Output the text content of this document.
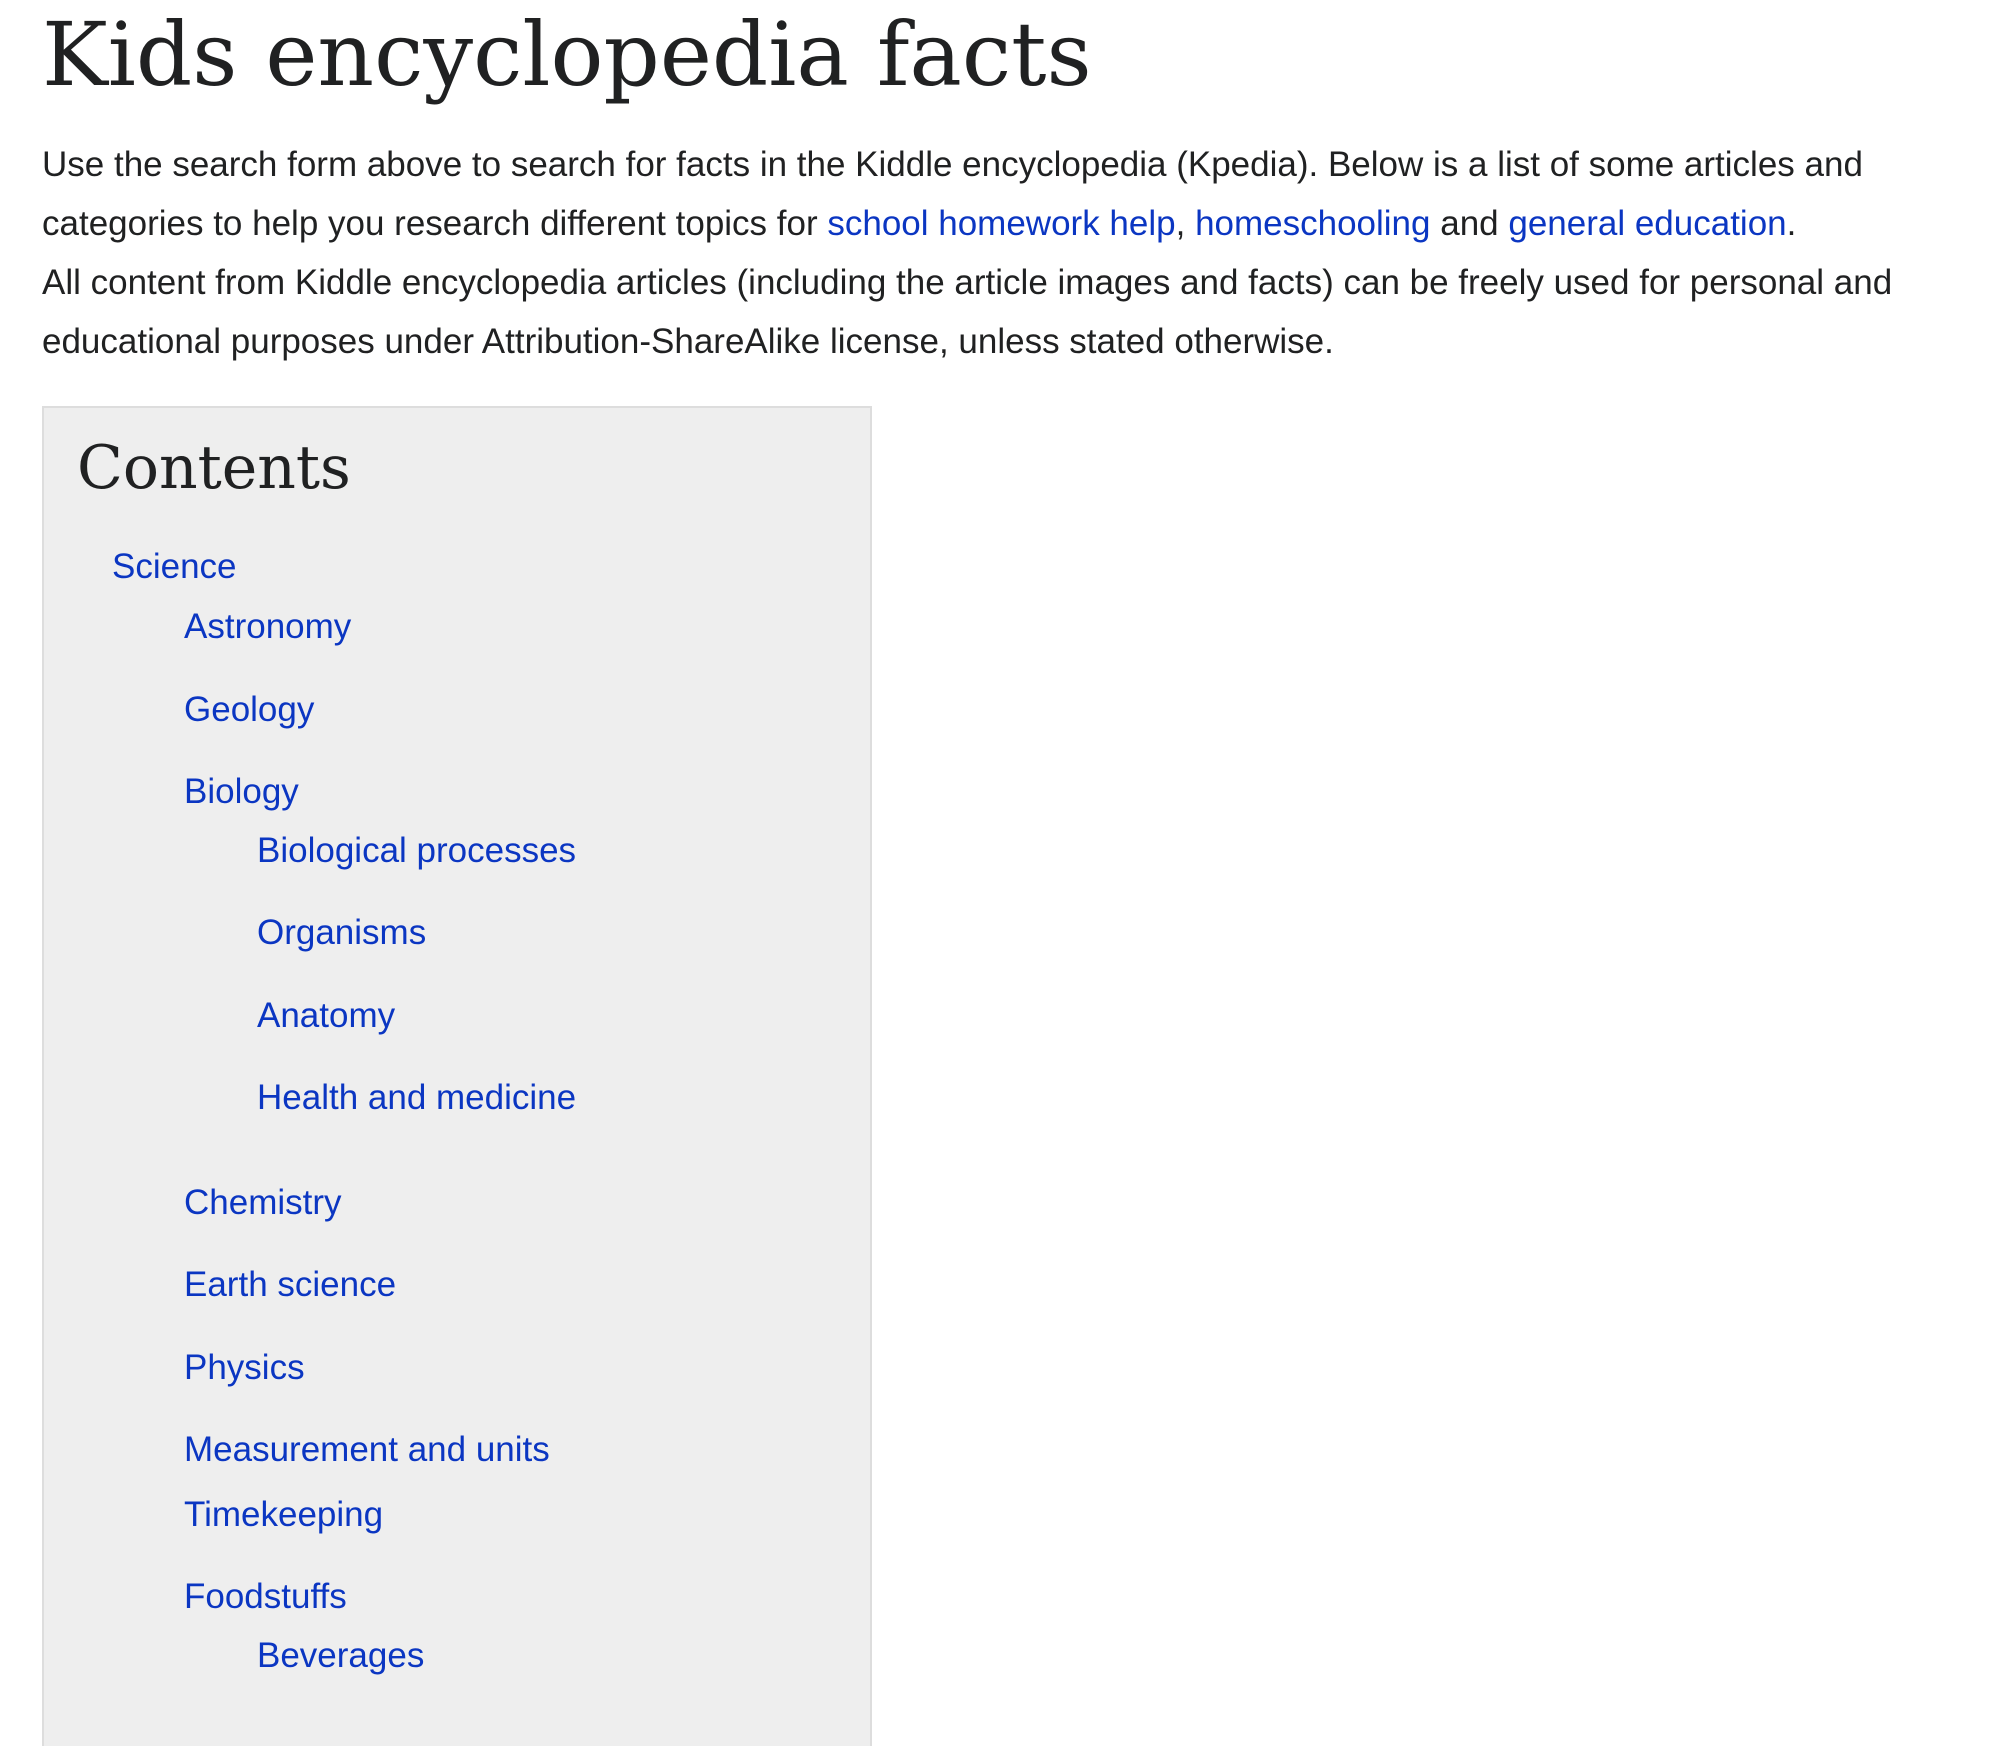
Kids encyclopedia facts

Use the search form above to search for facts in the Kiddle encyclopedia (Kpedia). Below is a list of some articles and categories to help you research different topics for school homework help, homeschooling and general education.

All content from Kiddle encyclopedia articles (including the article images and facts) can be freely used for personal and educational purposes under Attribution-ShareAlike license, unless stated otherwise.

Contents
Science
Astronomy
Geology
Biology
Biological processes
Organisms
Anatomy
Health and medicine
Chemistry
Earth science
Physics
Measurement and units
Timekeeping
Foodstuffs
Beverages
